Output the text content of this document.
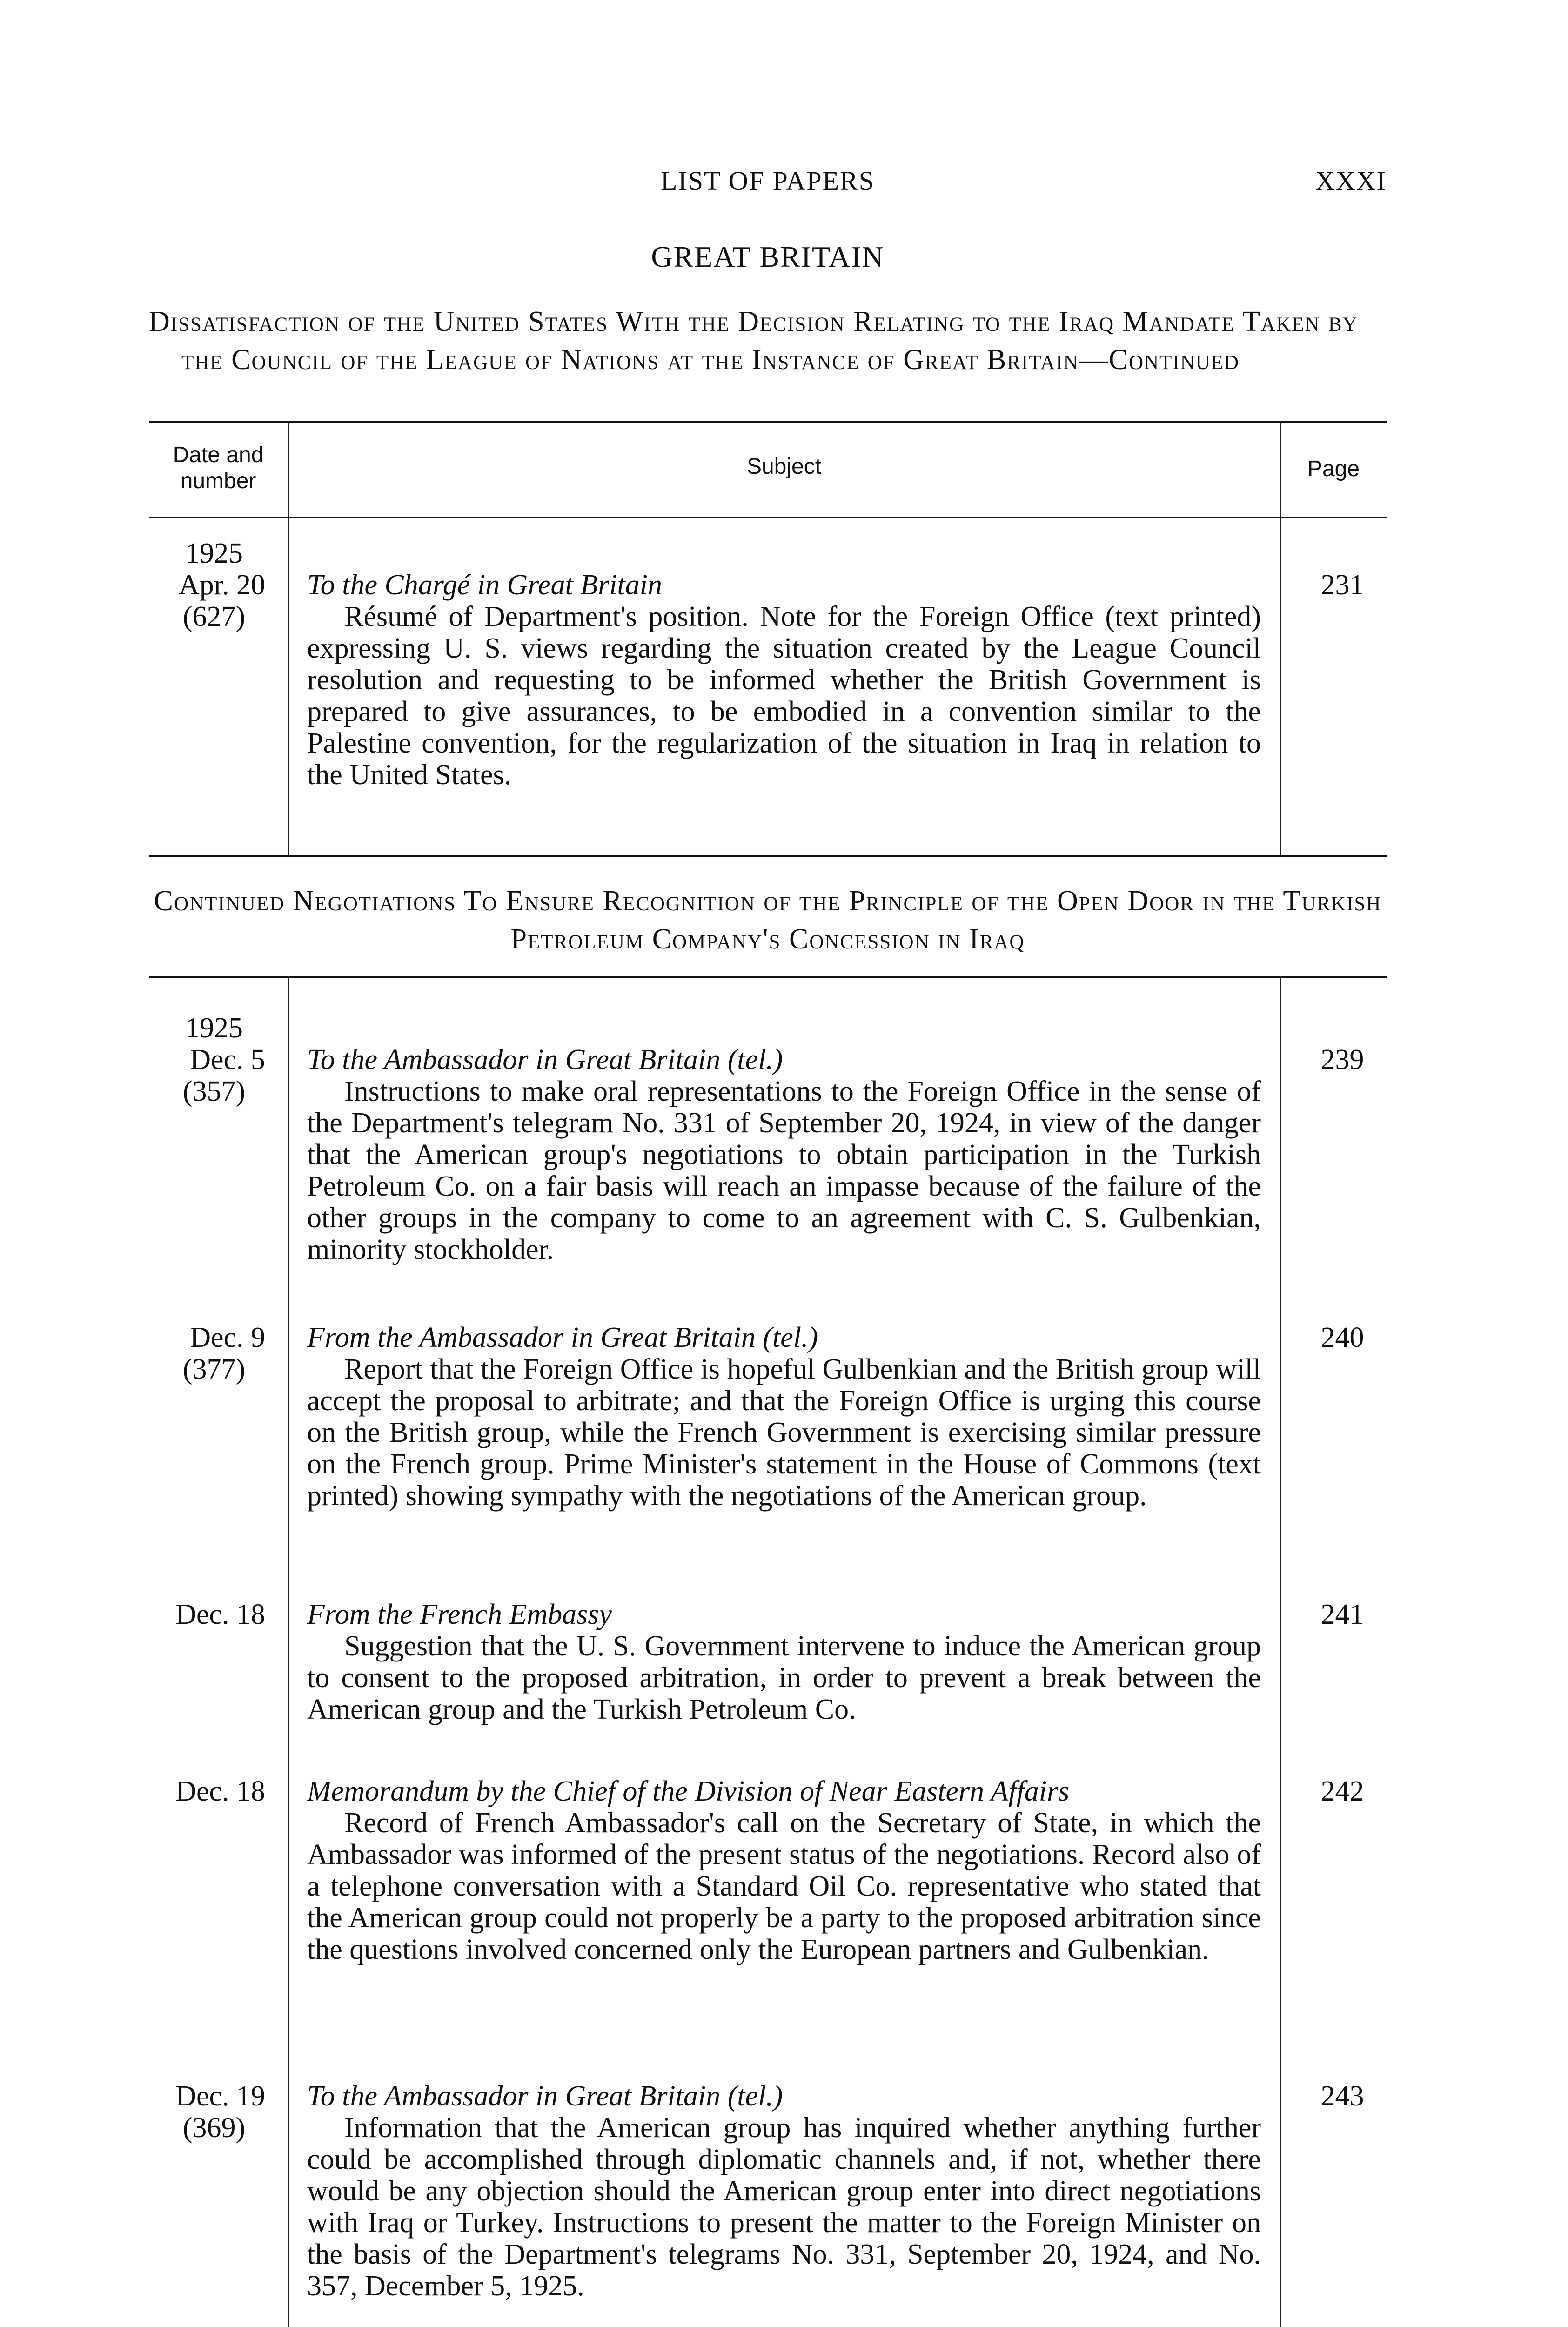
LIST OF PAPERS	XXXI
GREAT BRITAIN
Dissatisfaction of the United States With the Decision Relating to the Iraq Mandate Taken by the Council of the League of Nations at the Instance of Great Britain—Continued
Date and number
Subject	Page
1925
Apr. 20
(627)
To the Chargé in Great Britain
Résumé of Department's position. Note for the Foreign Office (text printed) expressing U. S. views regarding the situation created by the League Council resolution and requesting to be informed whether the British Government is prepared to give assurances, to be embodied in a convention similar to the Palestine convention, for the regularization of the situation in Iraq in relation to the United States.
231
Continued Negotiations To Ensure Recognition of the Principle of the Open Door in the Turkish Petroleum Company's Concession in Iraq
1925
Dec. 5
(357)
To the Ambassador in Great Britain (tel.)
Instructions to make oral representations to the Foreign Office in the sense of the Department's telegram No. 331 of September 20, 1924, in view of the danger that the American group's negotiations to obtain participation in the Turkish Petroleum Co. on a fair basis will reach an impasse because of the failure of the other groups in the company to come to an agreement with C. S. Gulbenkian, minority stockholder.
239
Dec. 9
(377)
From the Ambassador in Great Britain (tel.)
Report that the Foreign Office is hopeful Gulbenkian and the British group will accept the proposal to arbitrate; and that the Foreign Office is urging this course on the British group, while the French Government is exercising similar pressure on the French group. Prime Minister's statement in the House of Commons (text printed) showing sympathy with the negotiations of the American group.
240
Dec. 18 From the French Embassy
Suggestion that the U. S. Government intervene to induce the American group to consent to the proposed arbitration, in order to prevent a break between the American group and the Turkish Petroleum Co.
241
Dec. 18 Memorandum by the Chief of the Division of Near Eastern Affairs
Record of French Ambassador's call on the Secretary of State, in which the Ambassador was informed of the present status of the negotiations. Record also of a telephone conversation with a Standard Oil Co. representative who stated that the American group could not properly be a party to the proposed arbitration since the questions involved concerned only the European partners and Gulbenkian.
242
Dec. 19
(369)
To the Ambassador in Great Britain (tel.)
Information that the American group has inquired whether anything further could be accomplished through diplomatic channels and, if not, whether there would be any objection should the American group enter into direct negotiations with Iraq or Turkey. Instructions to present the matter to the Foreign Minister on the basis of the Department's telegrams No. 331, September 20, 1924, and No. 357, December 5, 1925.
243
